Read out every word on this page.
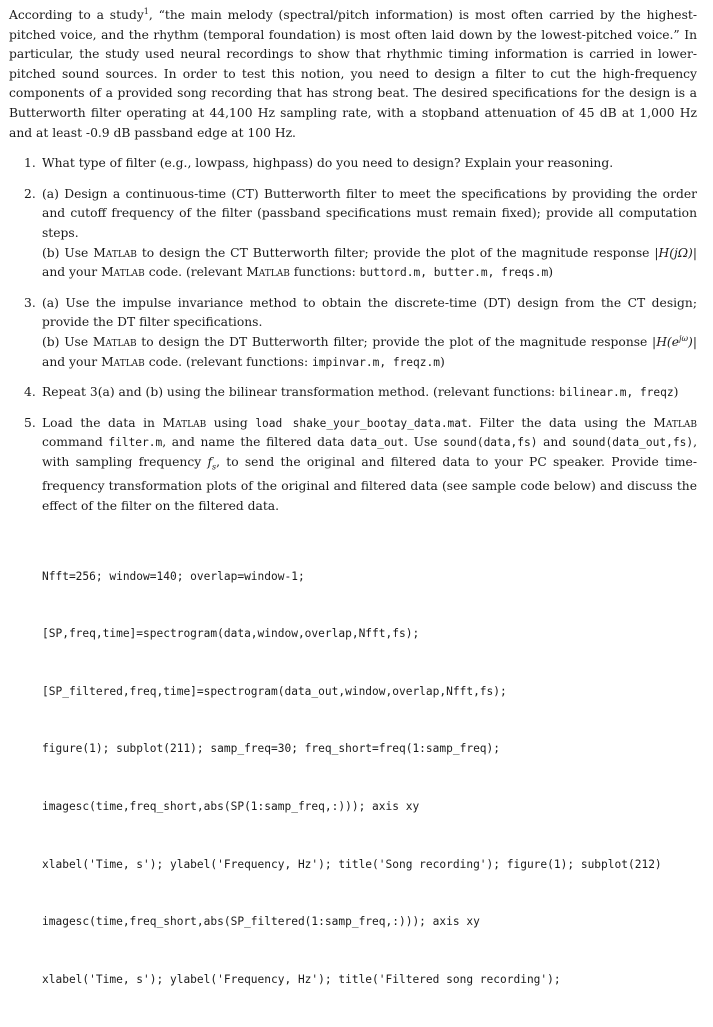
According to a study$^1$, “the main melody (spectral/pitch information) is most often carried by the highest-pitched voice, and the rhythm (temporal foundation) is most often laid down by the lowest-pitched voice.” In particular, the study used neural recordings to show that rhythmic timing information is carried in lower-pitched sound sources. In order to test this notion, you need to design a filter to cut the high-frequency components of a provided song recording that has strong beat. The desired specifications for the design is a Butterworth filter operating at 44,100 Hz sampling rate, with a stopband attenuation of 45 dB at 1,000 Hz and at least -0.9 dB passband edge at 100 Hz.

1. What type of filter (e.g., lowpass, highpass) do you need to design? Explain your reasoning.
2. (a) Design a continuous-time (CT) Butterworth filter to meet the specifications by providing the order and cutoff frequency of the filter (passband specifications must remain fixed); provide all computation steps.
(b) Use Matlab to design the CT Butterworth filter; provide the plot of the magnitude response |H(jΩ)| and your Matlab code. (relevant Matlab functions: buttord.m, butter.m, freqs.m)
3. (a) Use the impulse invariance method to obtain the discrete-time (DT) design from the CT design; provide the DT filter specifications.
(b) Use Matlab to design the DT Butterworth filter; provide the plot of the magnitude response $|H(e^{j\omega})|$ and your Matlab code. (relevant functions: impinvar.m, freqz.m)
4. Repeat 3(a) and (b) using the bilinear transformation method. (relevant functions: bilinear.m, freqz)
5. Load the data in Matlab using load shake_your_bootay_data.mat. Filter the data using the Matlab command filter.m, and name the filtered data data_out. Use sound(data,fs) and sound(data_out,fs), with sampling frequency $f_s$, to send the original and filtered data to your PC speaker. Provide time-frequency transformation plots of the original and filtered data (see sample code below) and discuss the effect of the filter on the filtered data.

Nfft=256; window=140; overlap=window-1;

[SP,freq,time]=spectrogram(data,window,overlap,Nfft,fs);

[SP_filtered,freq,time]=spectrogram(data_out,window,overlap,Nfft,fs);

figure(1); subplot(211); samp_freq=30; freq_short=freq(1:samp_freq);

imagesc(time,freq_short,abs(SP(1:samp_freq,:))); axis xy

xlabel('Time, s'); ylabel('Frequency, Hz'); title('Song recording'); figure(1); subplot(212)

imagesc(time,freq_short,abs(SP_filtered(1:samp_freq,:))); axis xy

xlabel('Time, s'); ylabel('Frequency, Hz'); title('Filtered song recording');
